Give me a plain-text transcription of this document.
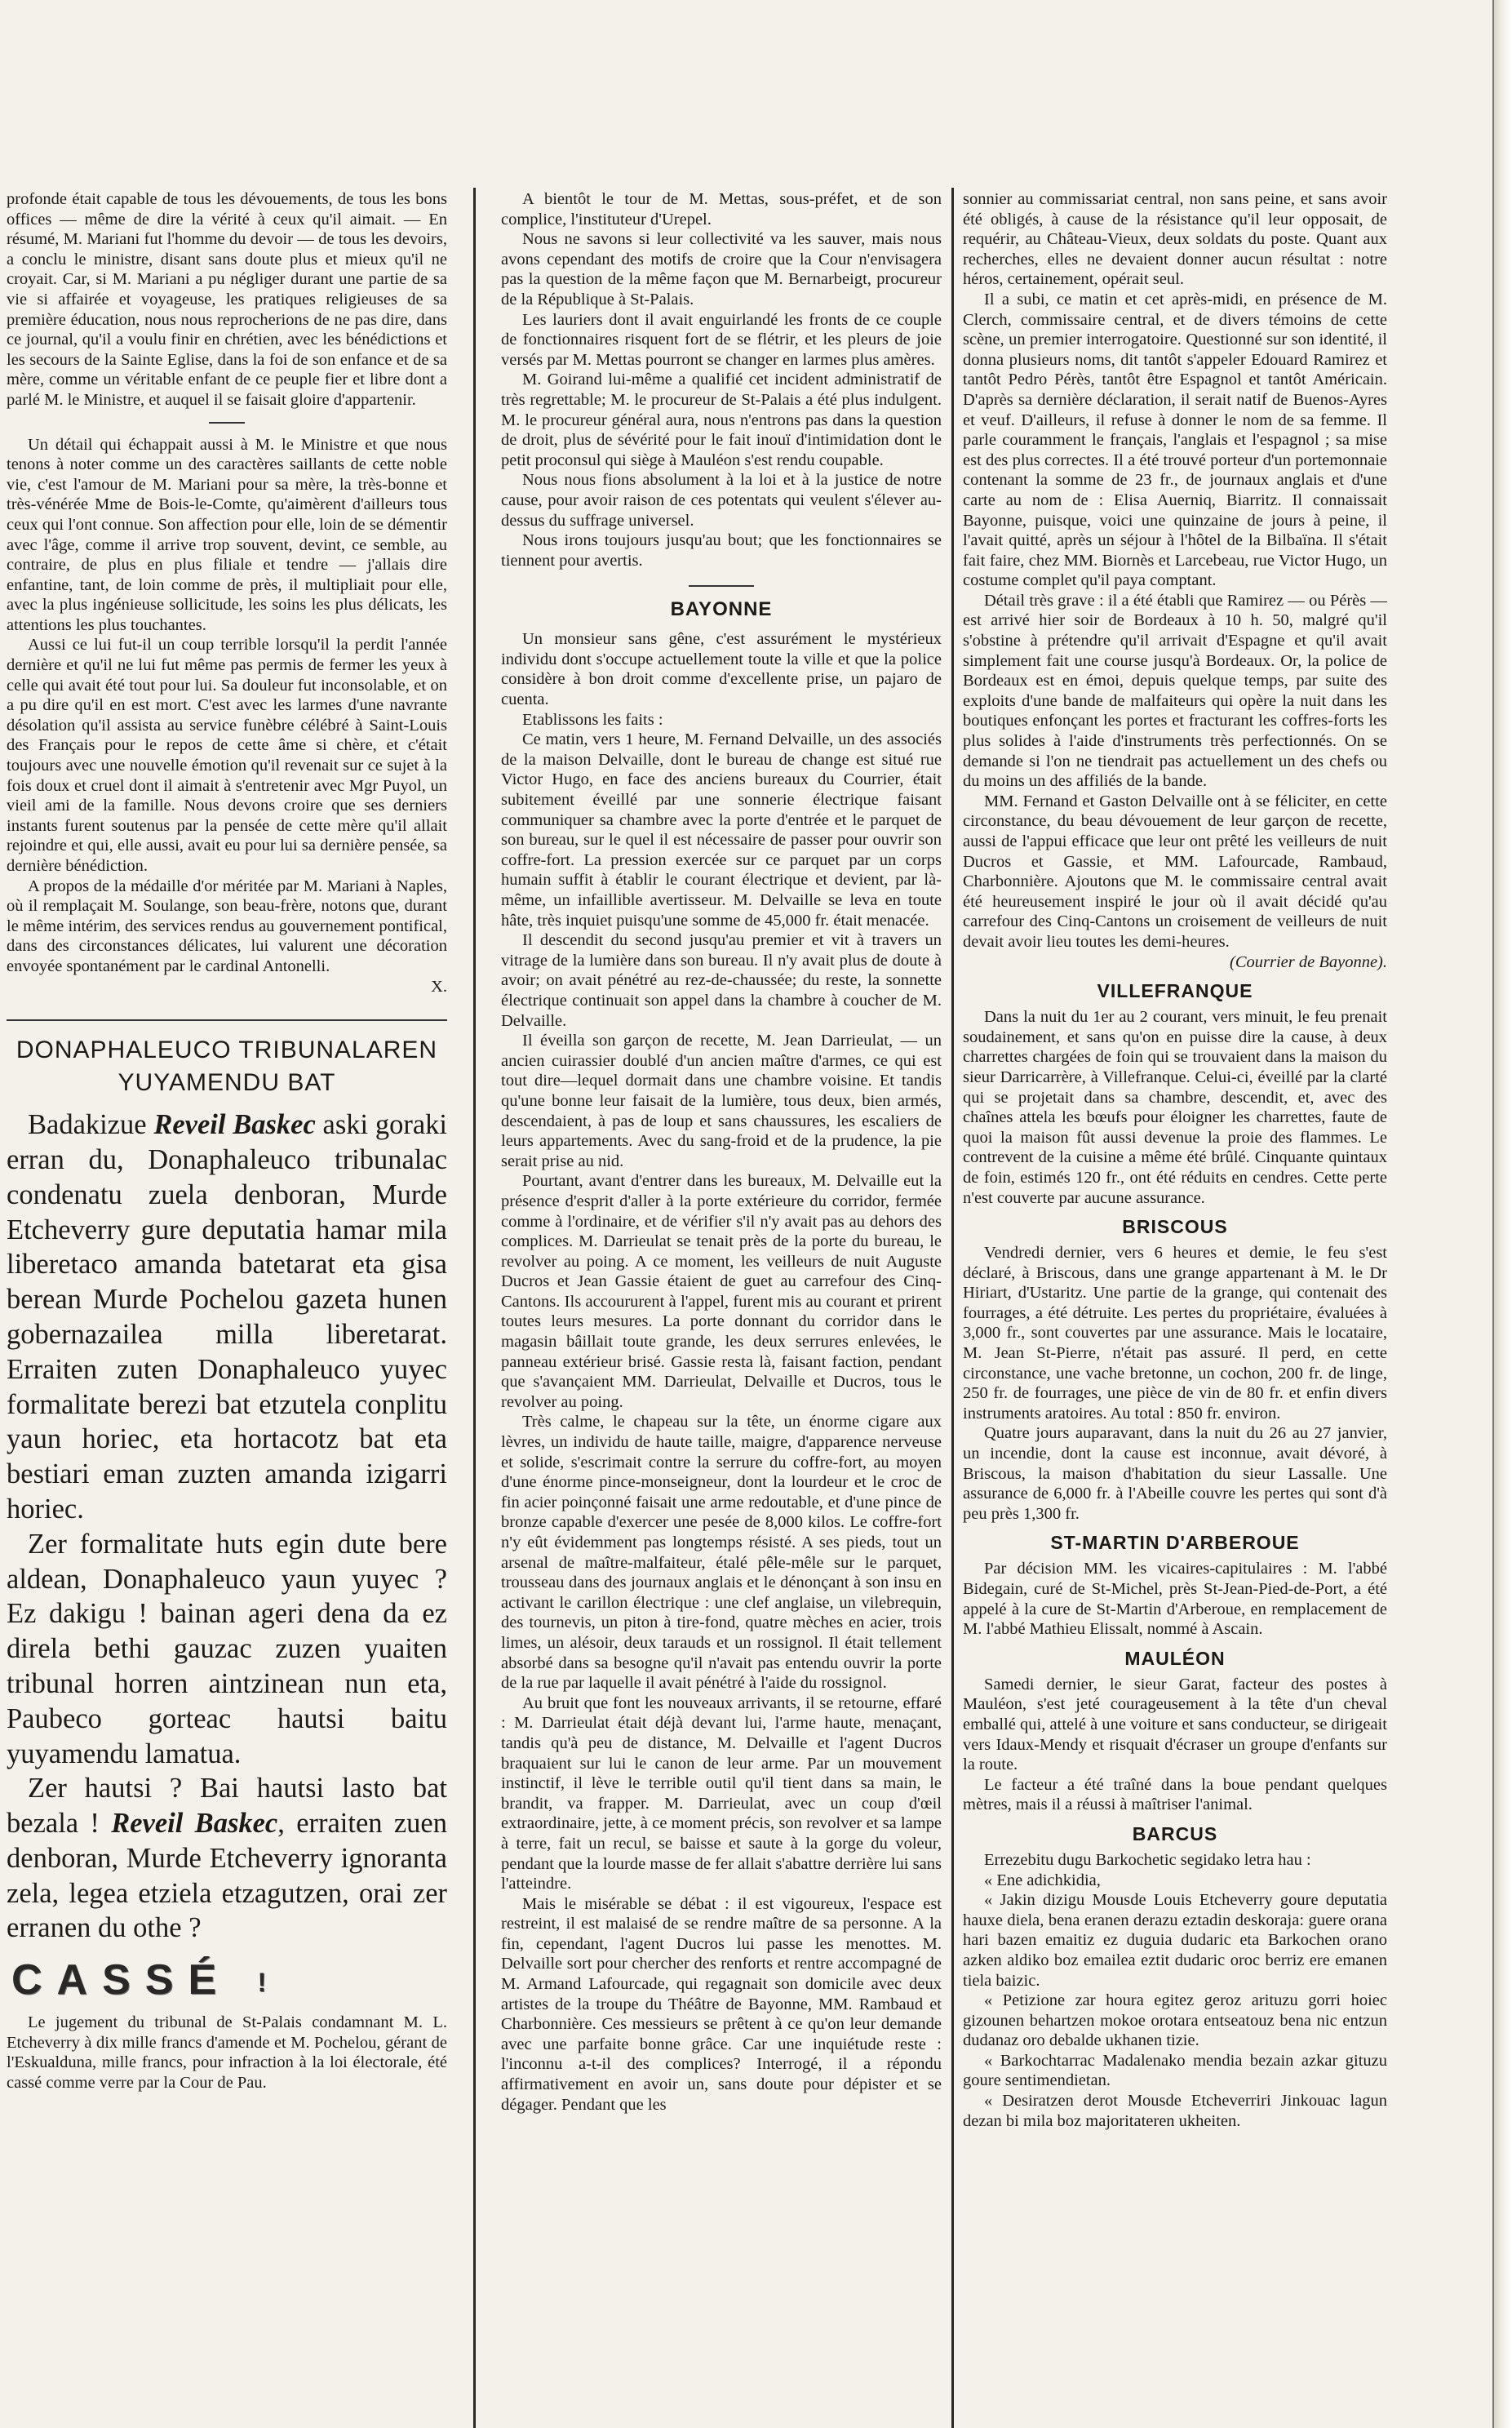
profonde était capable de tous les dévouements, de tous les bons offices — même de dire la vérité à ceux qu'il aimait. — En résumé, M. Mariani fut l'homme du devoir — de tous les devoirs, a conclu le ministre, disant sans doute plus et mieux qu'il ne croyait. Car, si M. Mariani a pu négliger durant une partie de sa vie si affairée et voyageuse, les pratiques religieuses de sa première éducation, nous nous reprocherions de ne pas dire, dans ce journal, qu'il a voulu finir en chrétien, avec les bénédictions et les secours de la Sainte Eglise, dans la foi de son enfance et de sa mère, comme un véritable enfant de ce peuple fier et libre dont a parlé M. le Ministre, et auquel il se faisait gloire d'appartenir.

Un détail qui échappait aussi à M. le Ministre et que nous tenons à noter comme un des caractères saillants de cette noble vie, c'est l'amour de M. Mariani pour sa mère, la très-bonne et très-vénérée Mme de Bois-le-Comte, qu'aimèrent d'ailleurs tous ceux qui l'ont connue. Son affection pour elle, loin de se démentir avec l'âge, comme il arrive trop souvent, devint, ce semble, au contraire, de plus en plus filiale et tendre — j'allais dire enfantine, tant, de loin comme de près, il multipliait pour elle, avec la plus ingénieuse sollicitude, les soins les plus délicats, les attentions les plus touchantes.

Aussi ce lui fut-il un coup terrible lorsqu'il la perdit l'année dernière et qu'il ne lui fut même pas permis de fermer les yeux à celle qui avait été tout pour lui. Sa douleur fut inconsolable, et on a pu dire qu'il en est mort. C'est avec les larmes d'une navrante désolation qu'il assista au service funèbre célébré à Saint-Louis des Français pour le repos de cette âme si chère, et c'était toujours avec une nouvelle émotion qu'il revenait sur ce sujet à la fois doux et cruel dont il aimait à s'entretenir avec Mgr Puyol, un vieil ami de la famille. Nous devons croire que ses derniers instants furent soutenus par la pensée de cette mère qu'il allait rejoindre et qui, elle aussi, avait eu pour lui sa dernière pensée, sa dernière bénédiction.

A propos de la médaille d'or méritée par M. Mariani à Naples, où il remplaçait M. Soulange, son beau-frère, notons que, durant le même intérim, des services rendus au gouvernement pontifical, dans des circonstances délicates, lui valurent une décoration envoyée spontanément par le cardinal Antonelli.

X.

DONAPHALEUCO TRIBUNALAREN YUYAMENDU BAT

Badakizue Reveil Baskec aski goraki erran du, Donaphaleuco tribunalac condenatu zuela denboran, Murde Etcheverry gure deputatia hamar mila liberetaco amanda batetarat eta gisa berean Murde Pochelou gazeta hunen gobernazailea milla liberetarat. Erraiten zuten Donaphaleuco yuyec formalitate berezi bat etzutela conplitu yaun horiec, eta hortacotz bat eta bestiari eman zuzten amanda izigarri horiec.

Zer formalitate huts egin dute bere aldean, Donaphaleuco yaun yuyec ? Ez dakigu ! bainan ageri dena da ez direla bethi gauzac zuzen yuaiten tribunal horren aintzinean nun eta, Paubeco gorteac hautsi baitu yuyamendu lamatua.

Zer hautsi ? Bai hautsi lasto bat bezala ! Reveil Baskec, erraiten zuen denboran, Murde Etcheverry ignoranta zela, legea etziela etzagutzen, orai zer erranen du othe ?

CASSÉ !

Le jugement du tribunal de St-Palais condamnant M. L. Etcheverry à dix mille francs d'amende et M. Pochelou, gérant de l'Eskualduna, mille francs, pour infraction à la loi électorale, été cassé comme verre par la Cour de Pau.

A bientôt le tour de M. Mettas, sous-préfet, et de son complice, l'instituteur d'Urepel.

Nous ne savons si leur collectivité va les sauver, mais nous avons cependant des motifs de croire que la Cour n'envisagera pas la question de la même façon que M. Bernarbeigt, procureur de la République à St-Palais.

Les lauriers dont il avait enguirlandé les fronts de ce couple de fonctionnaires risquent fort de se flétrir, et les pleurs de joie versés par M. Mettas pourront se changer en larmes plus amères.

M. Goirand lui-même a qualifié cet incident administratif de très regrettable; M. le procureur de St-Palais a été plus indulgent. M. le procureur général aura, nous n'entrons pas dans la question de droit, plus de sévérité pour le fait inouï d'intimidation dont le petit proconsul qui siège à Mauléon s'est rendu coupable.

Nous nous fions absolument à la loi et à la justice de notre cause, pour avoir raison de ces potentats qui veulent s'élever au-dessus du suffrage universel.

Nous irons toujours jusqu'au bout; que les fonctionnaires se tiennent pour avertis.

BAYONNE

Un monsieur sans gêne, c'est assurément le mystérieux individu dont s'occupe actuellement toute la ville et que la police considère à bon droit comme d'excellente prise, un pajaro de cuenta.

Etablissons les faits :

Ce matin, vers 1 heure, M. Fernand Delvaille, un des associés de la maison Delvaille, dont le bureau de change est situé rue Victor Hugo, en face des anciens bureaux du Courrier, était subitement éveillé par une sonnerie électrique faisant communiquer sa chambre avec la porte d'entrée et le parquet de son bureau, sur le quel il est nécessaire de passer pour ouvrir son coffre-fort. La pression exercée sur ce parquet par un corps humain suffit à établir le courant électrique et devient, par là-même, un infaillible avertisseur. M. Delvaille se leva en toute hâte, très inquiet puisqu'une somme de 45,000 fr. était menacée.

Il descendit du second jusqu'au premier et vit à travers un vitrage de la lumière dans son bureau. Il n'y avait plus de doute à avoir; on avait pénétré au rez-de-chaussée; du reste, la sonnette électrique continuait son appel dans la chambre à coucher de M. Delvaille.

Il éveilla son garçon de recette, M. Jean Darrieulat, — un ancien cuirassier doublé d'un ancien maître d'armes, ce qui est tout dire—lequel dormait dans une chambre voisine. Et tandis qu'une bonne leur faisait de la lumière, tous deux, bien armés, descendaient, à pas de loup et sans chaussures, les escaliers de leurs appartements. Avec du sang-froid et de la prudence, la pie serait prise au nid.

Pourtant, avant d'entrer dans les bureaux, M. Delvaille eut la présence d'esprit d'aller à la porte extérieure du corridor, fermée comme à l'ordinaire, et de vérifier s'il n'y avait pas au dehors des complices. M. Darrieulat se tenait près de la porte du bureau, le revolver au poing. A ce moment, les veilleurs de nuit Auguste Ducros et Jean Gassie étaient de guet au carrefour des Cinq-Cantons. Ils accoururent à l'appel, furent mis au courant et prirent toutes leurs mesures. La porte donnant du corridor dans le magasin bâillait toute grande, les deux serrures enlevées, le panneau extérieur brisé. Gassie resta là, faisant faction, pendant que s'avançaient MM. Darrieulat, Delvaille et Ducros, tous le revolver au poing.

Très calme, le chapeau sur la tête, un énorme cigare aux lèvres, un individu de haute taille, maigre, d'apparence nerveuse et solide, s'escrimait contre la serrure du coffre-fort, au moyen d'une énorme pince-monseigneur, dont la lourdeur et le croc de fin acier poinçonné faisait une arme redoutable, et d'une pince de bronze capable d'exercer une pesée de 8,000 kilos. Le coffre-fort n'y eût évidemment pas longtemps résisté. A ses pieds, tout un arsenal de maître-malfaiteur, étalé pêle-mêle sur le parquet, trousseau dans des journaux anglais et le dénonçant à son insu en activant le carillon électrique : une clef anglaise, un vilebrequin, des tournevis, un piton à tire-fond, quatre mèches en acier, trois limes, un alésoir, deux tarauds et un rossignol. Il était tellement absorbé dans sa besogne qu'il n'avait pas entendu ouvrir la porte de la rue par laquelle il avait pénétré à l'aide du rossignol.

Au bruit que font les nouveaux arrivants, il se retourne, effaré : M. Darrieulat était déjà devant lui, l'arme haute, menaçant, tandis qu'à peu de distance, M. Delvaille et l'agent Ducros braquaient sur lui le canon de leur arme. Par un mouvement instinctif, il lève le terrible outil qu'il tient dans sa main, le brandit, va frapper. M. Darrieulat, avec un coup d'œil extraordinaire, jette, à ce moment précis, son revolver et sa lampe à terre, fait un recul, se baisse et saute à la gorge du voleur, pendant que la lourde masse de fer allait s'abattre derrière lui sans l'atteindre.

Mais le misérable se débat : il est vigoureux, l'espace est restreint, il est malaisé de se rendre maître de sa personne. A la fin, cependant, l'agent Ducros lui passe les menottes. M. Delvaille sort pour chercher des renforts et rentre accompagné de M. Armand Lafourcade, qui regagnait son domicile avec deux artistes de la troupe du Théâtre de Bayonne, MM. Rambaud et Charbonnière. Ces messieurs se prêtent à ce qu'on leur demande avec une parfaite bonne grâce. Car une inquiétude reste : l'inconnu a-t-il des complices? Interrogé, il a répondu affirmativement en avoir un, sans doute pour dépister et se dégager. Pendant que les

sonnier au commissariat central, non sans peine, et sans avoir été obligés, à cause de la résistance qu'il leur opposait, de requérir, au Château-Vieux, deux soldats du poste. Quant aux recherches, elles ne devaient donner aucun résultat : notre héros, certainement, opérait seul.

Il a subi, ce matin et cet après-midi, en présence de M. Clerch, commissaire central, et de divers témoins de cette scène, un premier interrogatoire. Questionné sur son identité, il donna plusieurs noms, dit tantôt s'appeler Edouard Ramirez et tantôt Pedro Pérès, tantôt être Espagnol et tantôt Américain. D'après sa dernière déclaration, il serait natif de Buenos-Ayres et veuf. D'ailleurs, il refuse à donner le nom de sa femme. Il parle couramment le français, l'anglais et l'espagnol ; sa mise est des plus correctes. Il a été trouvé porteur d'un portemonnaie contenant la somme de 23 fr., de journaux anglais et d'une carte au nom de : Elisa Auerniq, Biarritz. Il connaissait Bayonne, puisque, voici une quinzaine de jours à peine, il l'avait quitté, après un séjour à l'hôtel de la Bilbaïna. Il s'était fait faire, chez MM. Biornès et Larcebeau, rue Victor Hugo, un costume complet qu'il paya comptant.

Détail très grave : il a été établi que Ramirez — ou Pérès — est arrivé hier soir de Bordeaux à 10 h. 50, malgré qu'il s'obstine à prétendre qu'il arrivait d'Espagne et qu'il avait simplement fait une course jusqu'à Bordeaux. Or, la police de Bordeaux est en émoi, depuis quelque temps, par suite des exploits d'une bande de malfaiteurs qui opère la nuit dans les boutiques enfonçant les portes et fracturant les coffres-forts les plus solides à l'aide d'instruments très perfectionnés. On se demande si l'on ne tiendrait pas actuellement un des chefs ou du moins un des affiliés de la bande.

MM. Fernand et Gaston Delvaille ont à se féliciter, en cette circonstance, du beau dévouement de leur garçon de recette, aussi de l'appui efficace que leur ont prêté les veilleurs de nuit Ducros et Gassie, et MM. Lafourcade, Rambaud, Charbonnière. Ajoutons que M. le commissaire central avait été heureusement inspiré le jour où il avait décidé qu'au carrefour des Cinq-Cantons un croisement de veilleurs de nuit devait avoir lieu toutes les demi-heures.

(Courrier de Bayonne).

VILLEFRANQUE

Dans la nuit du 1er au 2 courant, vers minuit, le feu prenait soudainement, et sans qu'on en puisse dire la cause, à deux charrettes chargées de foin qui se trouvaient dans la maison du sieur Darricarrère, à Villefranque. Celui-ci, éveillé par la clarté qui se projetait dans sa chambre, descendit, et, avec des chaînes attela les bœufs pour éloigner les charrettes, faute de quoi la maison fût aussi devenue la proie des flammes. Le contrevent de la cuisine a même été brûlé. Cinquante quintaux de foin, estimés 120 fr., ont été réduits en cendres. Cette perte n'est couverte par aucune assurance.

BRISCOUS

Vendredi dernier, vers 6 heures et demie, le feu s'est déclaré, à Briscous, dans une grange appartenant à M. le Dr Hiriart, d'Ustaritz. Une partie de la grange, qui contenait des fourrages, a été détruite. Les pertes du propriétaire, évaluées à 3,000 fr., sont couvertes par une assurance. Mais le locataire, M. Jean St-Pierre, n'était pas assuré. Il perd, en cette circonstance, une vache bretonne, un cochon, 200 fr. de linge, 250 fr. de fourrages, une pièce de vin de 80 fr. et enfin divers instruments aratoires. Au total : 850 fr. environ.

Quatre jours auparavant, dans la nuit du 26 au 27 janvier, un incendie, dont la cause est inconnue, avait dévoré, à Briscous, la maison d'habitation du sieur Lassalle. Une assurance de 6,000 fr. à l'Abeille couvre les pertes qui sont d'à peu près 1,300 fr.

ST-MARTIN D'ARBEROUE

Par décision MM. les vicaires-capitulaires : M. l'abbé Bidegain, curé de St-Michel, près St-Jean-Pied-de-Port, a été appelé à la cure de St-Martin d'Arberoue, en remplacement de M. l'abbé Mathieu Elissalt, nommé à Ascain.

MAULÉON

Samedi dernier, le sieur Garat, facteur des postes à Mauléon, s'est jeté courageusement à la tête d'un cheval emballé qui, attelé à une voiture et sans conducteur, se dirigeait vers Idaux-Mendy et risquait d'écraser un groupe d'enfants sur la route.

Le facteur a été traîné dans la boue pendant quelques mètres, mais il a réussi à maîtriser l'animal.

BARCUS

Errezebitu dugu Barkochetic segidako letra hau :

« Ene adichkidia,

« Jakin dizigu Mousde Louis Etcheverry goure deputatia hauxe diela, bena eranen derazu eztadin deskoraja: guere orana hari bazen emaitiz ez duguia dudaric eta Barkochen orano azken aldiko boz emailea eztit dudaric oroc berriz ere emanen tiela baizic.

« Petizione zar houra egitez geroz arituzu gorri hoiec gizounen behartzen mokoe orotara entseatouz bena nic entzun dudanaz oro debalde ukhanen tizie.

« Barkochtarrac Madalenako mendia bezain azkar gituzu goure sentimendietan.

« Desiratzen derot Mousde Etcheverriri Jinkouac lagun dezan bi mila boz majoritateren ukheiten.
